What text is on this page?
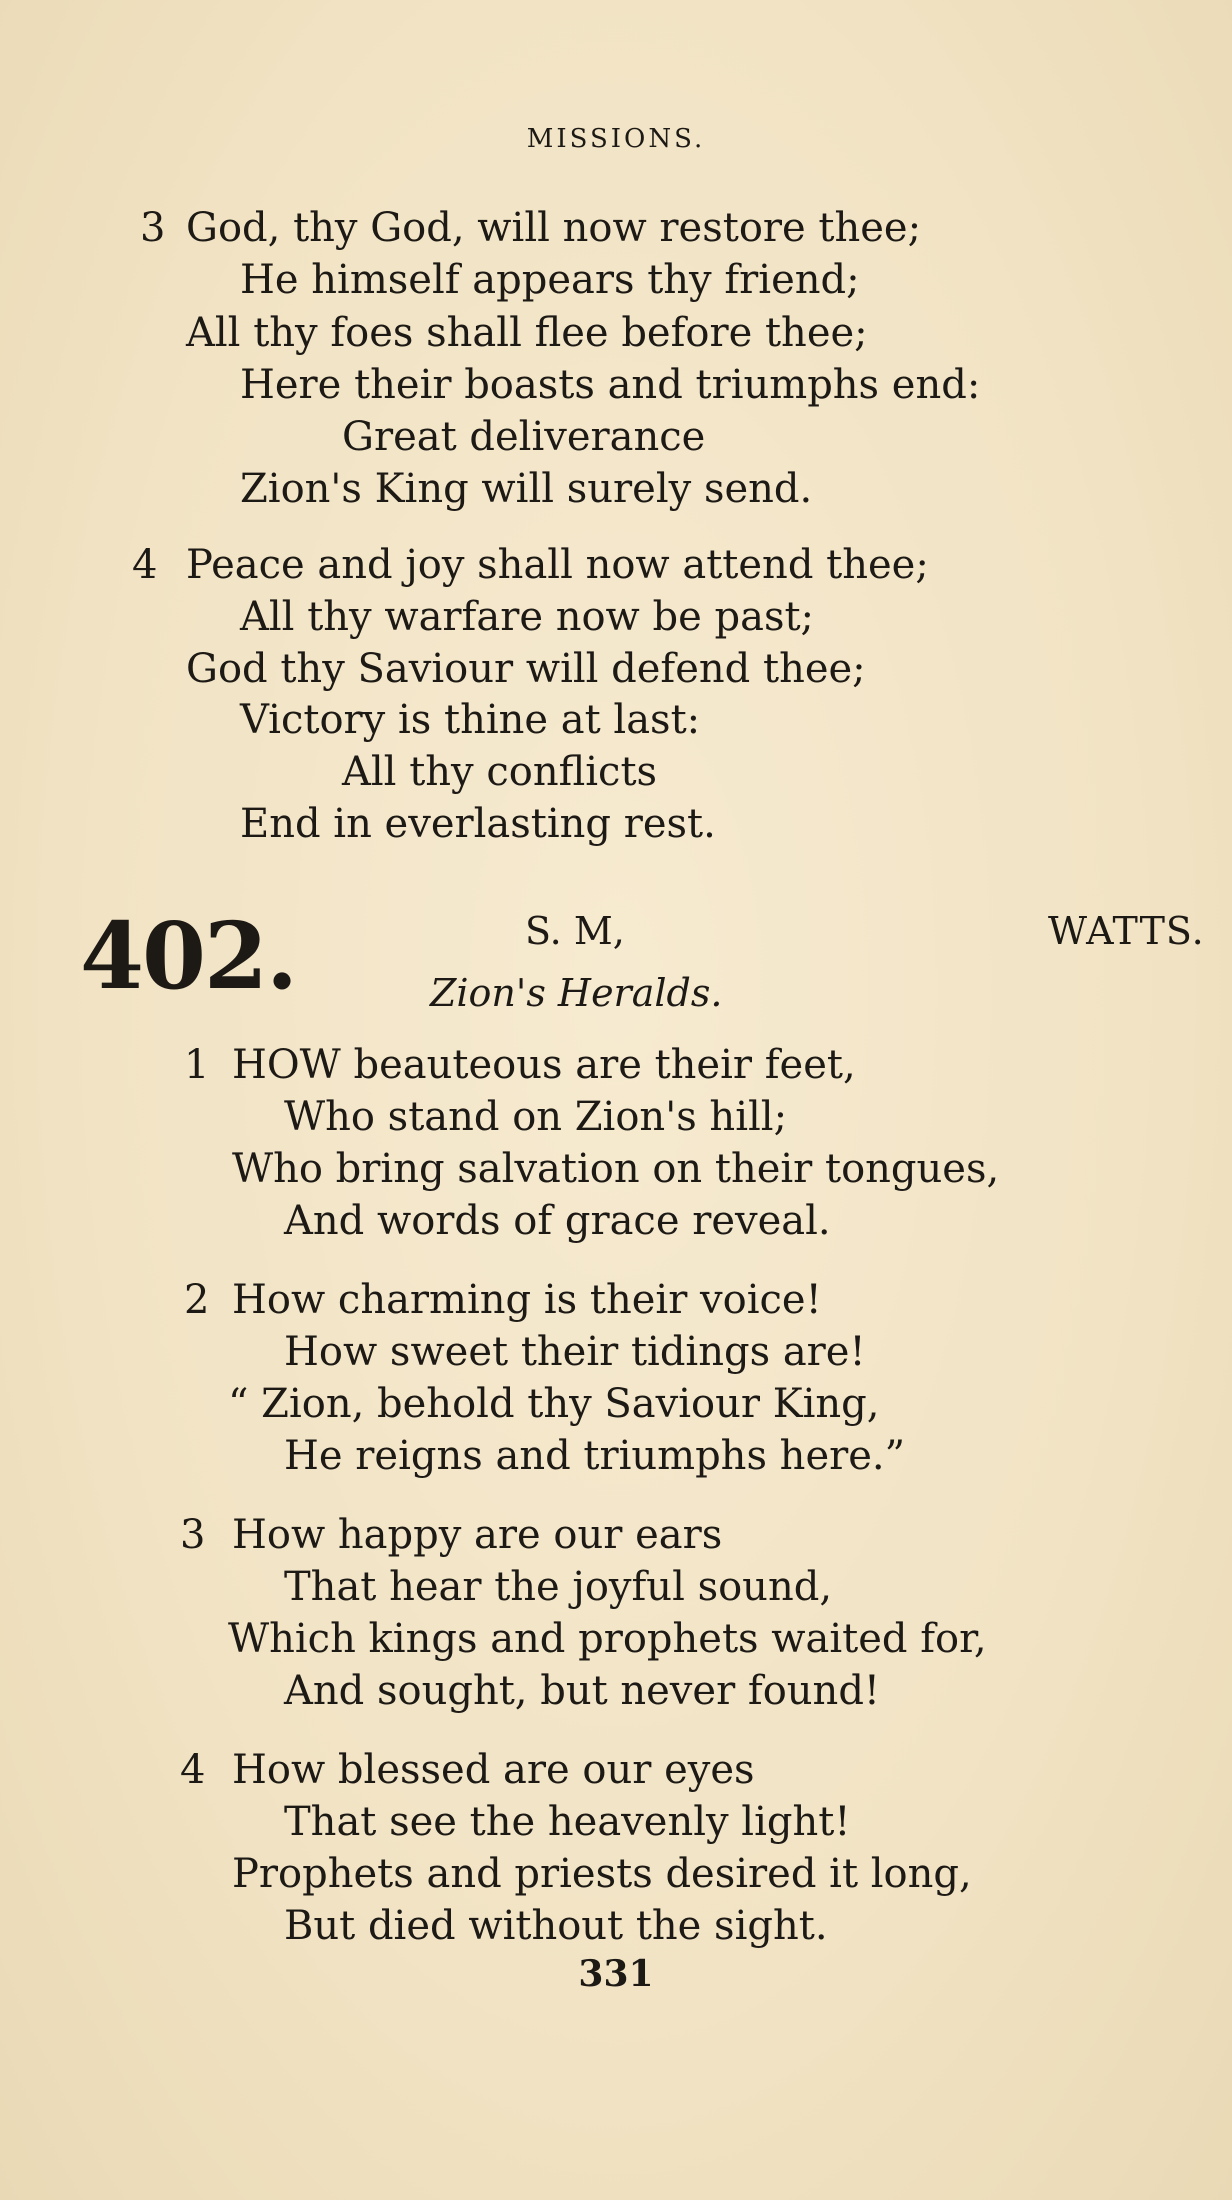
MISSIONS.
3 God, thy God, will now restore thee;
He himself appears thy friend;
All thy foes shall flee before thee;
Here their boasts and triumphs end:
Great deliverance
Zion's King will surely send.
4 Peace and joy shall now attend thee;
All thy warfare now be past;
God thy Saviour will defend thee;
Victory is thine at last:
All thy conflicts
End in everlasting rest.
402.	S. M,	WATTS.
Zion's Heralds.
1 HOW beauteous are their feet,
Who stand on Zion's hill;
Who bring salvation on their tongues,
And words of grace reveal.
2 How charming is their voice!
How sweet their tidings are!
“ Zion, behold thy Saviour King,
He reigns and triumphs here.”
3 How happy are our ears
That hear the joyful sound,
Which kings and prophets waited for,
And sought, but never found!
4 How blessed are our eyes
That see the heavenly light!
Prophets and priests desired it long,
But died without the sight.
331
